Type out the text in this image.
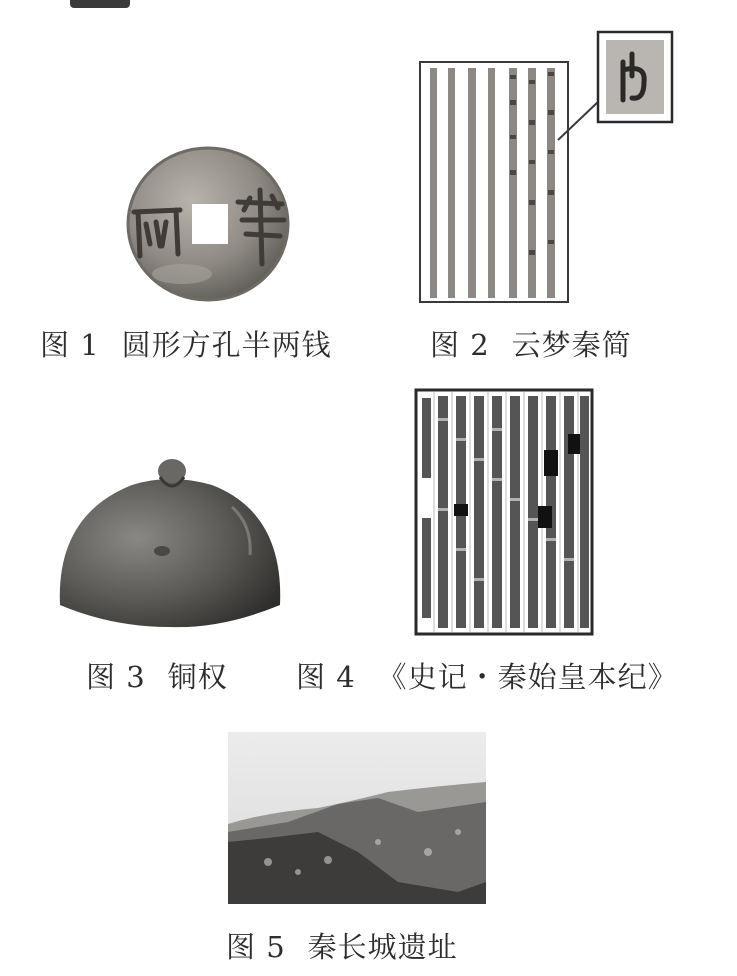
图 1 圆形方孔半两钱	图 2 云梦秦简
图 3 铜权 图 4 《史记・秦始皇本纪》
图 5 秦长城遗址
